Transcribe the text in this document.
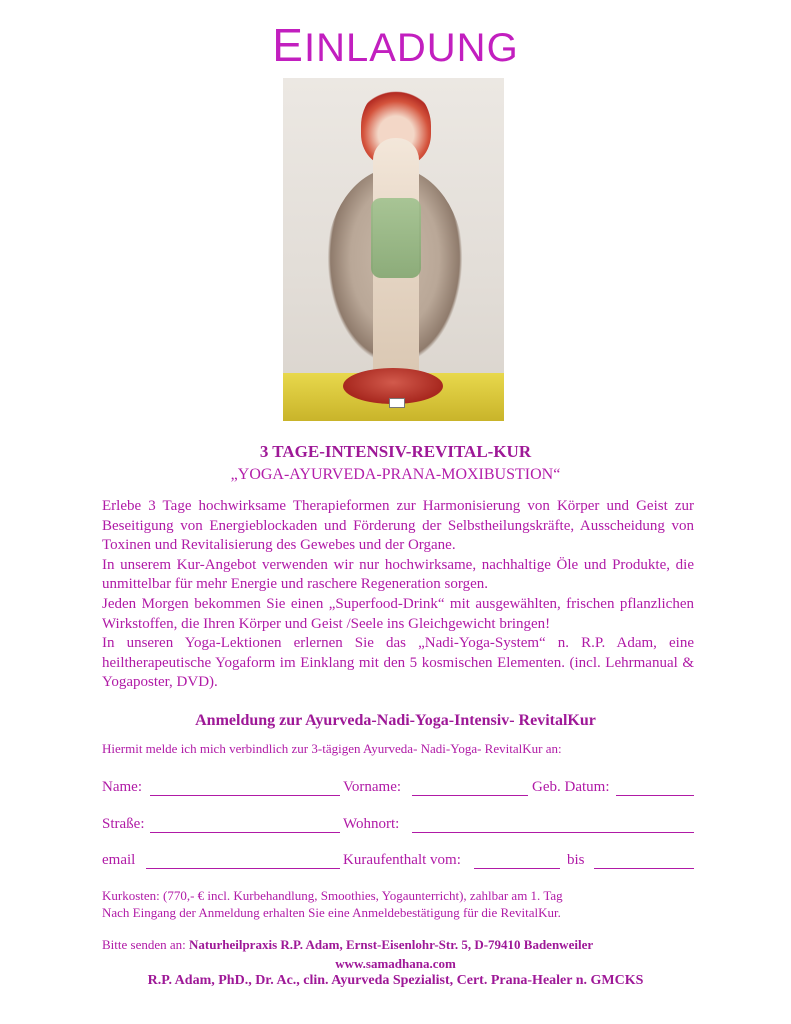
EINLADUNG
3 TAGE-INTENSIV-REVITAL-KUR
„YOGA-AYURVEDA-PRANA-MOXIBUSTION“

Erlebe 3 Tage hochwirksame Therapieformen zur Harmonisierung von Körper und Geist zur Beseitigung von Energieblockaden und Förderung der Selbstheilungskräfte, Ausscheidung von Toxinen und Revitalisierung des Gewebes und der Organe.

In unserem Kur-Angebot verwenden wir nur hochwirksame, nachhaltige Öle und Produkte, die unmittelbar für mehr Energie und raschere Regeneration sorgen.

Jeden Morgen bekommen Sie einen „Superfood-Drink“ mit ausgewählten, frischen pflanzlichen Wirkstoffen, die Ihren Körper und Geist /Seele ins Gleichgewicht bringen!

In unseren Yoga-Lektionen erlernen Sie das „Nadi-Yoga-System“ n. R.P. Adam, eine heiltherapeutische Yogaform im Einklang mit den 5 kosmischen Elementen. (incl. Lehrmanual & Yogaposter, DVD).

Anmeldung zur Ayurveda-Nadi-Yoga-Intensiv- RevitalKur
Hiermit melde ich mich verbindlich zur 3-tägigen Ayurveda- Nadi-Yoga- RevitalKur an:
Name:	Vorname:	Geb. Datum:
Straße:	Wohnort:
email	Kuraufenthalt vom:	bis
Kurkosten: (770,- € incl. Kurbehandlung, Smoothies, Yogaunterricht), zahlbar am 1. Tag
Nach Eingang der Anmeldung erhalten Sie eine Anmeldebestätigung für die RevitalKur.
Bitte senden an: Naturheilpraxis R.P. Adam, Ernst-Eisenlohr-Str. 5, D-79410 Badenweiler
www.samadhana.com
R.P. Adam, PhD., Dr. Ac., clin. Ayurveda Spezialist, Cert. Prana-Healer n. GMCKS
